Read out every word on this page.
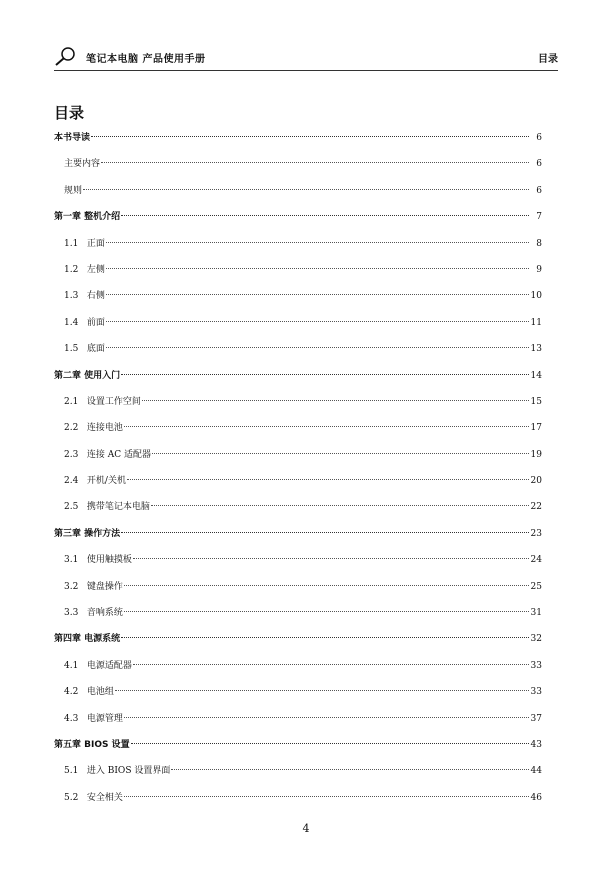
笔记本电脑 产品使用手册	目录
目录
本书导读	6
主要内容	6
规则	6
第一章 整机介绍	7
1.1 正面	8
1.2 左侧	9
1.3 右侧	10
1.4 前面	11
1.5 底面	13
第二章 使用入门	14
2.1 设置工作空间	15
2.2 连接电池	17
2.3 连接 AC 适配器	19
2.4 开机/关机	20
2.5 携带笔记本电脑	22
第三章 操作方法	23
3.1 使用触摸板	24
3.2 键盘操作	25
3.3 音响系统	31
第四章 电源系统	32
4.1 电源适配器	33
4.2 电池组	33
4.3 电源管理	37
第五章 BIOS 设置	43
5.1 进入 BIOS 设置界面	44
5.2 安全相关	46
4
